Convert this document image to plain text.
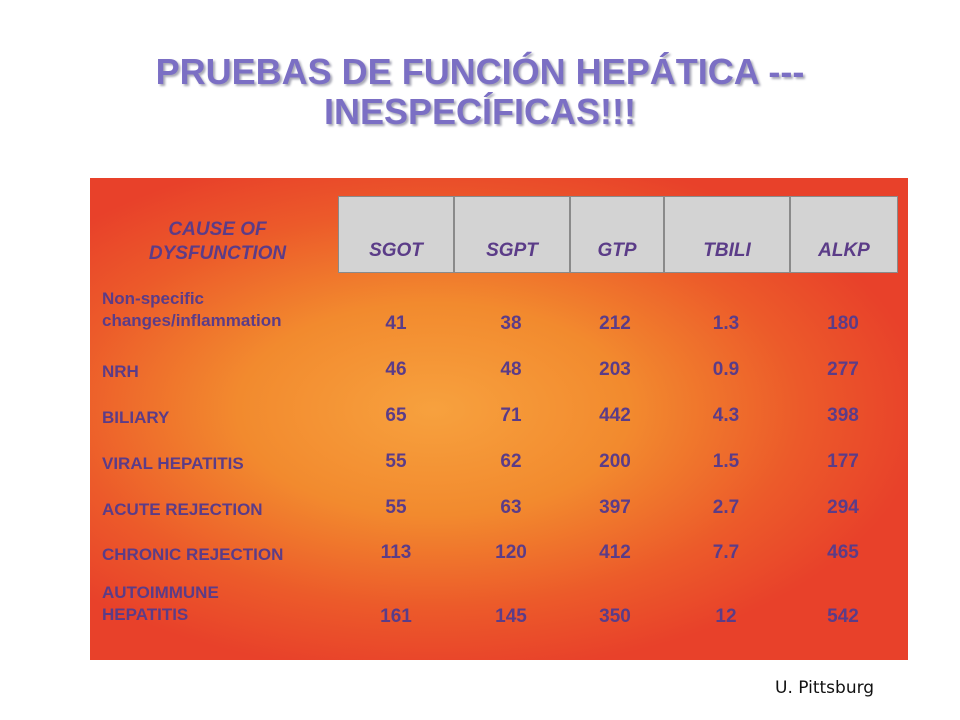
PRUEBAS DE FUNCIÓN HEPÁTICA ---
INESPECÍFICAS!!!
CAUSE OF
DYSFUNCTION	SGOT	SGPT	GTP	TBILI	ALKP
Non-specific
changes/inflammation	41	38	212	1.3	180
NRH	46	48	203	0.9	277
BILIARY	65	71	442	4.3	398
VIRAL HEPATITIS	55	62	200	1.5	177
ACUTE REJECTION	55	63	397	2.7	294
CHRONIC REJECTION	113	120	412	7.7	465
AUTOIMMUNE
HEPATITIS	161	145	350	12	542
U. Pittsburg
